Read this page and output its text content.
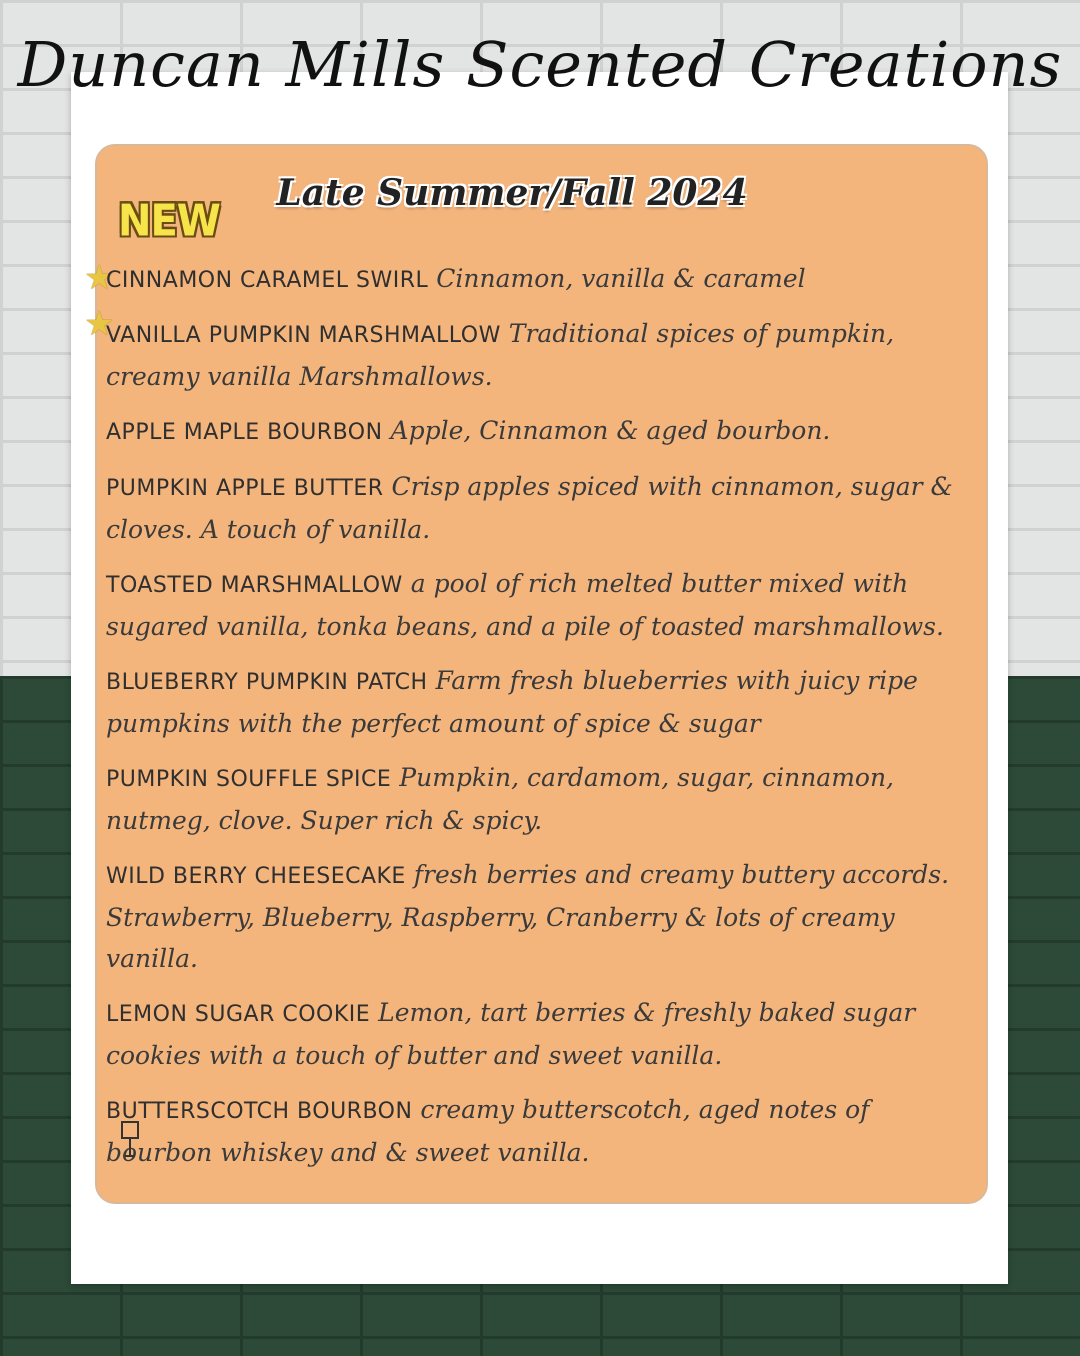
Duncan Mills Scented Creations
Late Summer/Fall 2024
NEW
★
★

CINNAMON CARAMEL SWIRL Cinnamon, vanilla & caramel

VANILLA PUMPKIN MARSHMALLOW Traditional spices of pumpkin, creamy vanilla Marshmallows.

APPLE MAPLE BOURBON Apple, Cinnamon & aged bourbon.

PUMPKIN APPLE BUTTER Crisp apples spiced with cinnamon, sugar & cloves. A touch of vanilla.

TOASTED MARSHMALLOW a pool of rich melted butter mixed with sugared vanilla, tonka beans, and a pile of toasted marshmallows.

BLUEBERRY PUMPKIN PATCH Farm fresh blueberries with juicy ripe pumpkins with the perfect amount of spice & sugar

PUMPKIN SOUFFLE SPICE Pumpkin, cardamom, sugar, cinnamon, nutmeg, clove. Super rich & spicy.

WILD BERRY CHEESECAKE fresh berries and creamy buttery accords. Strawberry, Blueberry, Raspberry, Cranberry & lots of creamy vanilla.

LEMON SUGAR COOKIE Lemon, tart berries & freshly baked sugar cookies with a touch of butter and sweet vanilla.

BUTTERSCOTCH BOURBON creamy butterscotch, aged notes of bourbon whiskey and & sweet vanilla.
